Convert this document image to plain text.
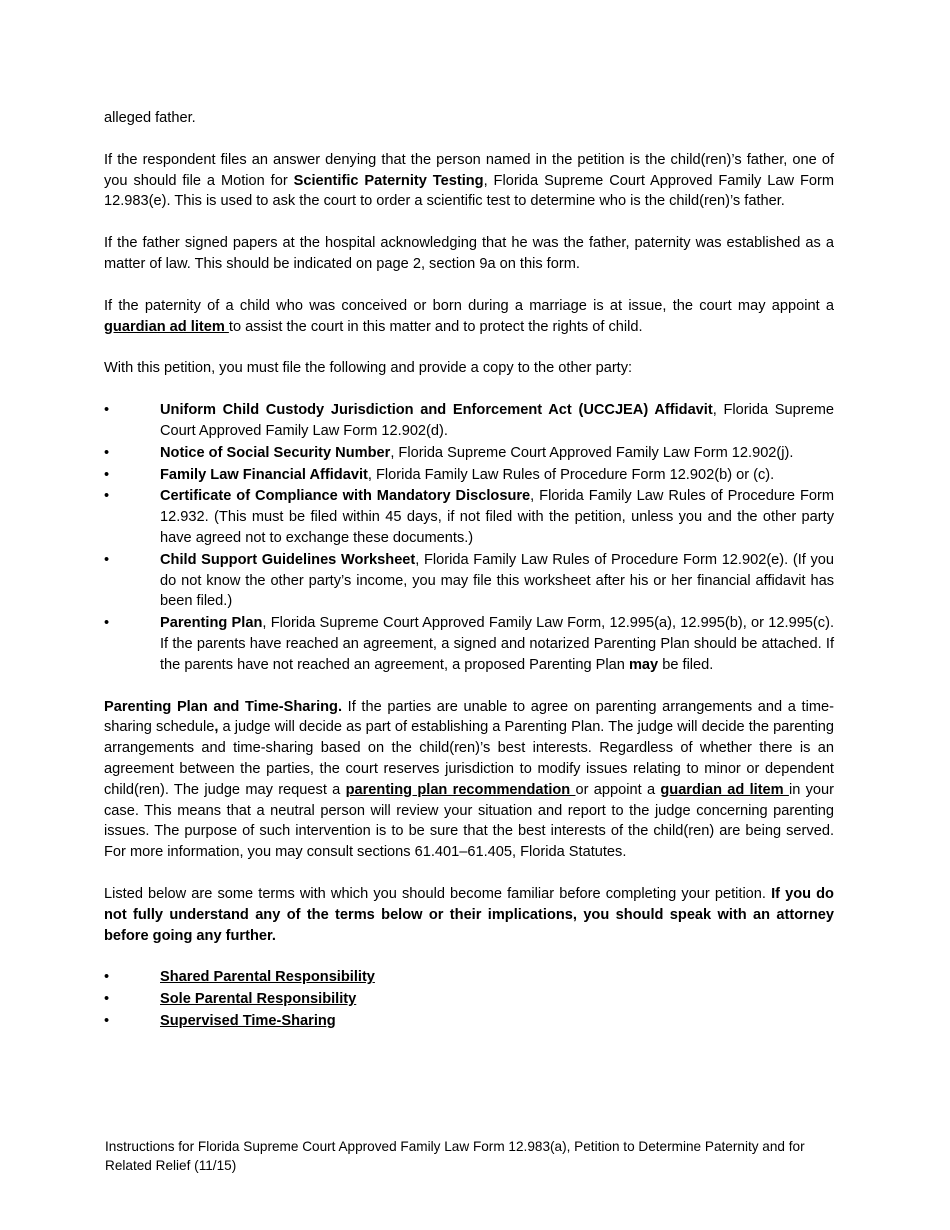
alleged father.

If the respondent files an answer denying that the person named in the petition is the child(ren)’s father, one of you should file a Motion for Scientific Paternity Testing, Florida Supreme Court Approved Family Law Form 12.983(e). This is used to ask the court to order a scientific test to determine who is the child(ren)’s father.

If the father signed papers at the hospital acknowledging that he was the father, paternity was established as a matter of law. This should be indicated on page 2, section 9a on this form.

If the paternity of a child who was conceived or born during a marriage is at issue, the court may appoint a guardian ad litem to assist the court in this matter and to protect the rights of child.

With this petition, you must file the following and provide a copy to the other party:

•	Uniform Child Custody Jurisdiction and Enforcement Act (UCCJEA) Affidavit, Florida Supreme Court Approved Family Law Form 12.902(d).
•	Notice of Social Security Number, Florida Supreme Court Approved Family Law Form 12.902(j).
•	Family Law Financial Affidavit, Florida Family Law Rules of Procedure Form 12.902(b) or (c).
•	Certificate of Compliance with Mandatory Disclosure, Florida Family Law Rules of Procedure Form 12.932. (This must be filed within 45 days, if not filed with the petition, unless you and the other party have agreed not to exchange these documents.)
•	Child Support Guidelines Worksheet, Florida Family Law Rules of Procedure Form 12.902(e). (If you do not know the other party’s income, you may file this worksheet after his or her financial affidavit has been filed.)
•	Parenting Plan, Florida Supreme Court Approved Family Law Form, 12.995(a), 12.995(b), or 12.995(c). If the parents have reached an agreement, a signed and notarized Parenting Plan should be attached. If the parents have not reached an agreement, a proposed Parenting Plan may be filed.

Parenting Plan and Time-Sharing. If the parties are unable to agree on parenting arrangements and a time-sharing schedule, a judge will decide as part of establishing a Parenting Plan. The judge will decide the parenting arrangements and time-sharing based on the child(ren)’s best interests. Regardless of whether there is an agreement between the parties, the court reserves jurisdiction to modify issues relating to minor or dependent child(ren). The judge may request a parenting plan recommendation or appoint a guardian ad litem in your case. This means that a neutral person will review your situation and report to the judge concerning parenting issues. The purpose of such intervention is to be sure that the best interests of the child(ren) are being served. For more information, you may consult sections 61.401–61.405, Florida Statutes.

Listed below are some terms with which you should become familiar before completing your petition. If you do not fully understand any of the terms below or their implications, you should speak with an attorney before going any further.

•	Shared Parental Responsibility
•	Sole Parental Responsibility
•	Supervised Time-Sharing
Instructions for Florida Supreme Court Approved Family Law Form 12.983(a), Petition to Determine Paternity and for Related Relief (11/15)
